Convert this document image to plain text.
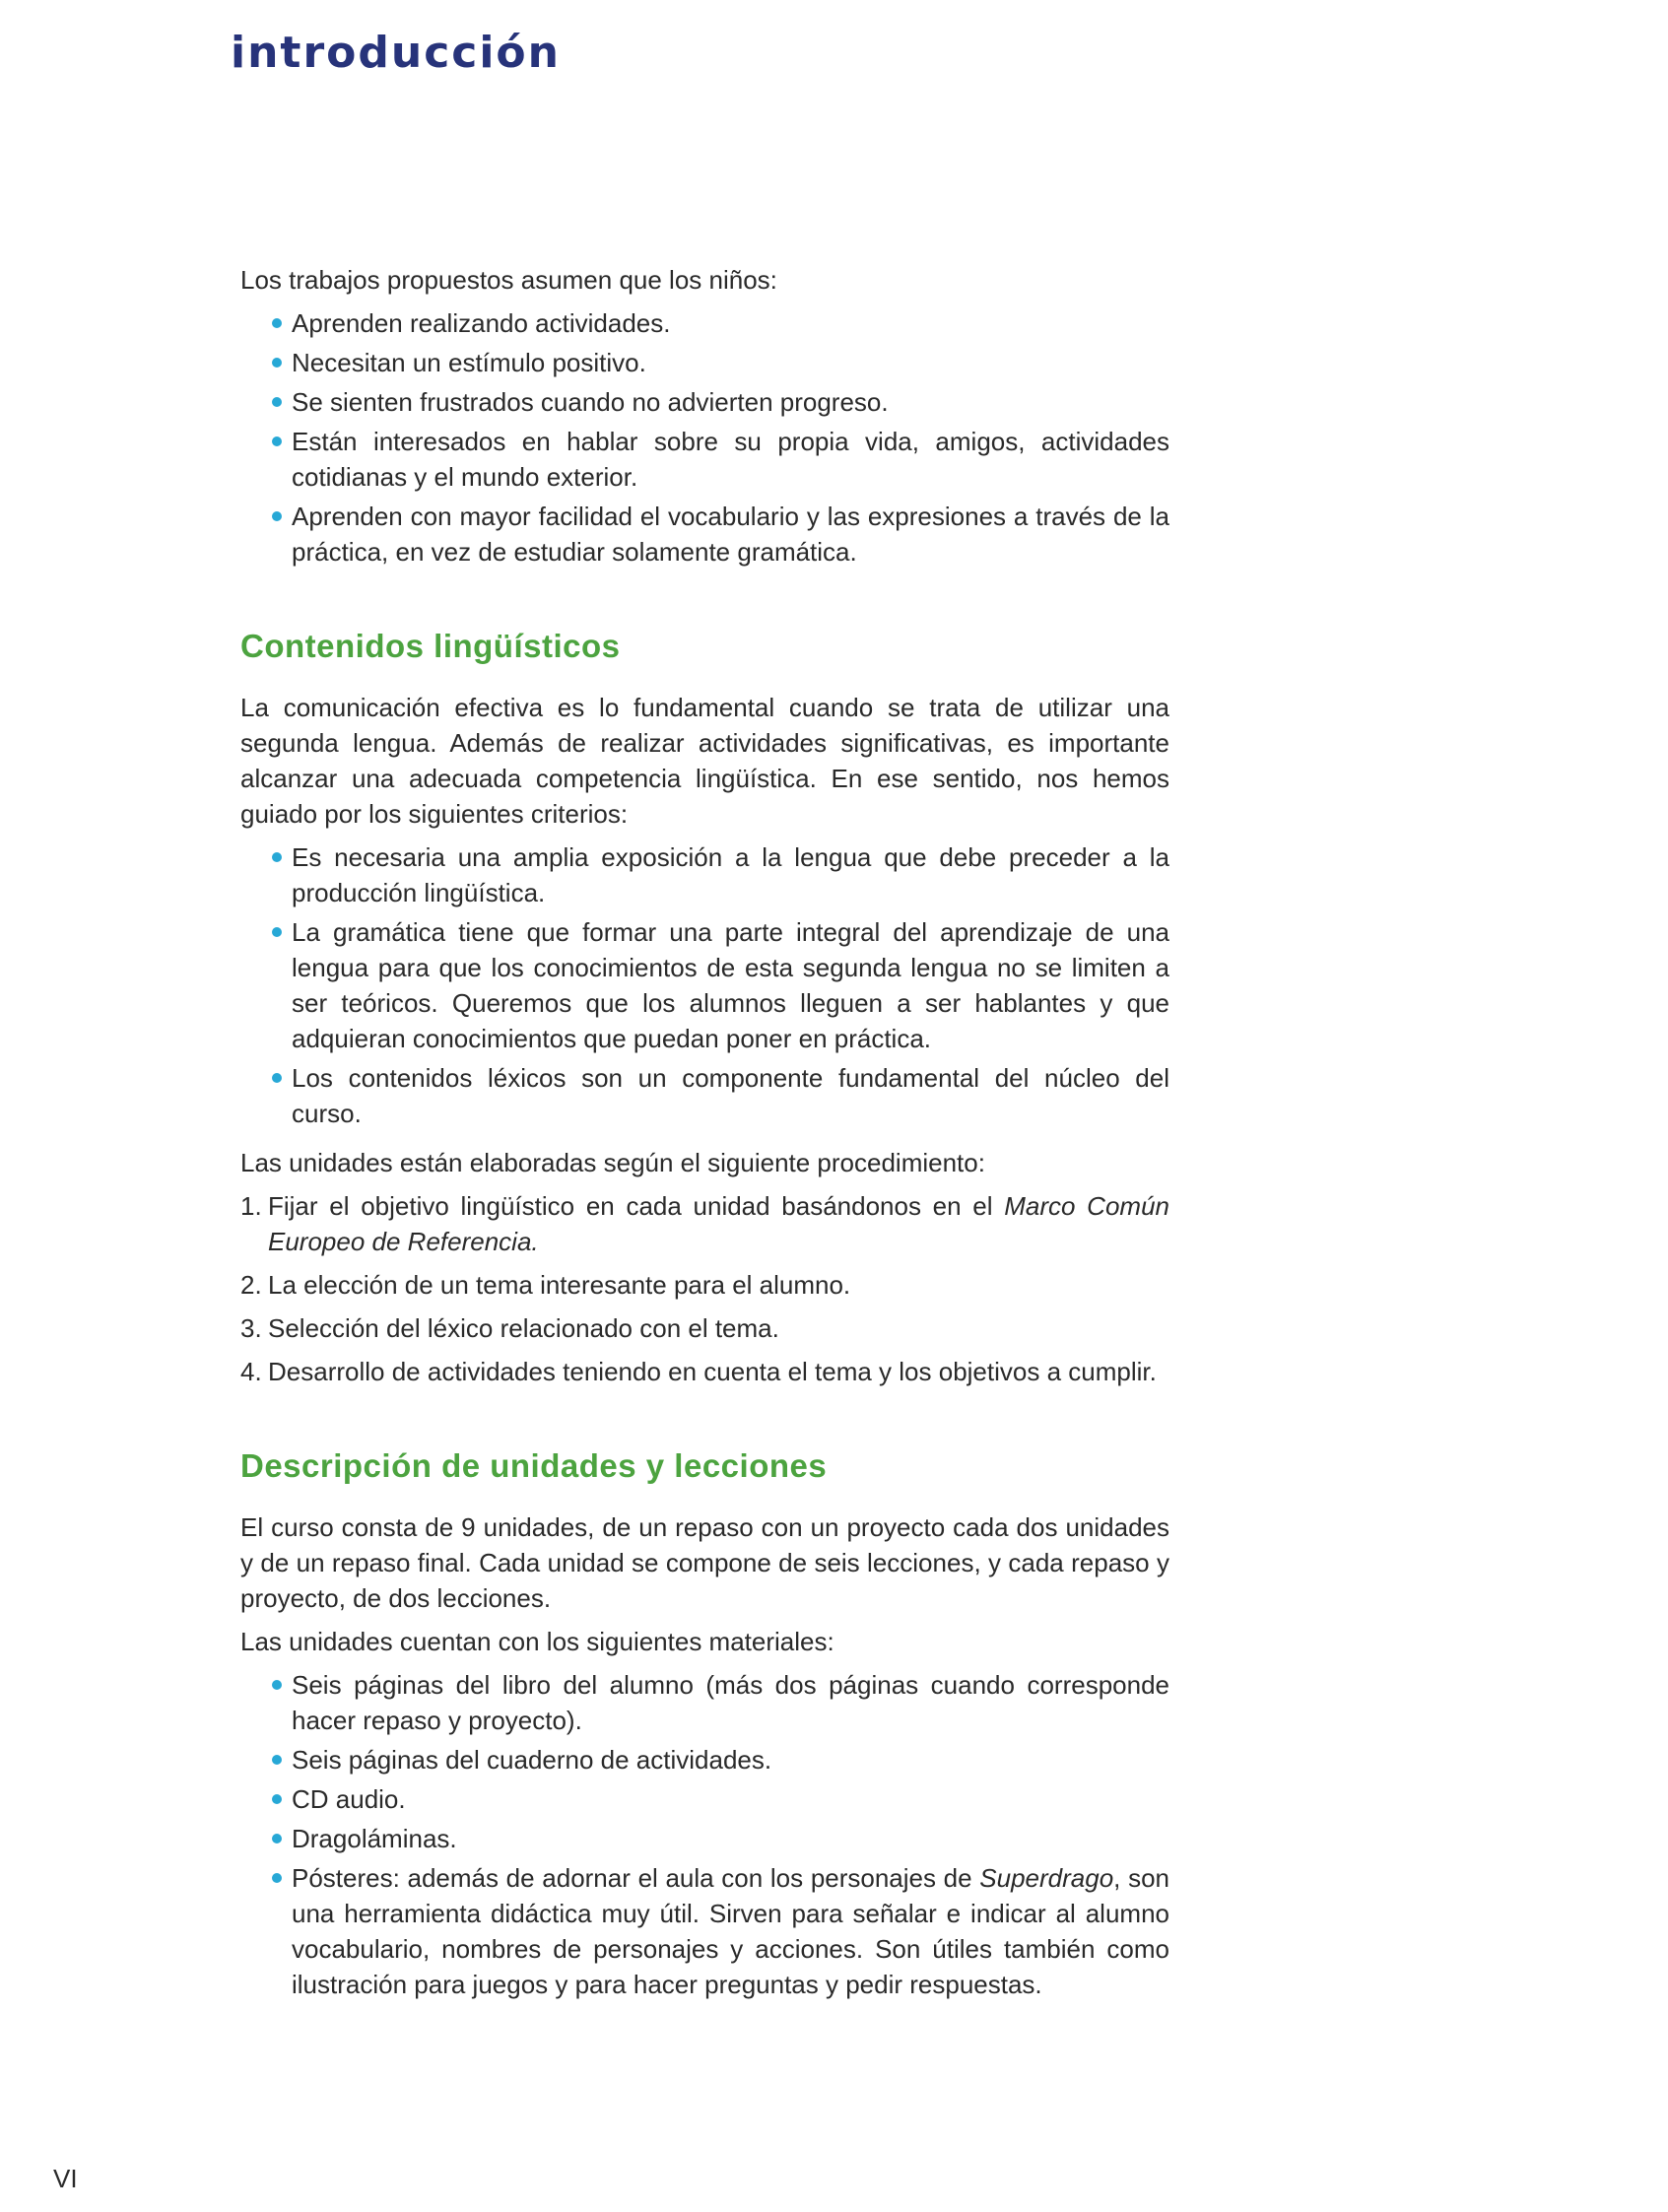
introducción

Los trabajos propuestos asumen que los niños:

Aprenden realizando actividades.
Necesitan un estímulo positivo.
Se sienten frustrados cuando no advierten progreso.
Están interesados en hablar sobre su propia vida, amigos, actividades cotidianas y el mundo exterior.
Aprenden con mayor facilidad el vocabulario y las expresiones a través de la práctica, en vez de estudiar solamente gramática.
Contenidos lingüísticos

La comunicación efectiva es lo fundamental cuando se trata de utilizar una segunda lengua. Además de realizar actividades significativas, es importante alcanzar una adecuada competencia lingüística. En ese sentido, nos hemos guiado por los siguientes criterios:

Es necesaria una amplia exposición a la lengua que debe preceder a la producción lingüística.
La gramática tiene que formar una parte integral del aprendizaje de una lengua para que los conocimientos de esta segunda lengua no se limiten a ser teóricos. Queremos que los alumnos lleguen a ser hablantes y que adquieran conocimientos que puedan poner en práctica.
Los contenidos léxicos son un componente fundamental del núcleo del curso.

Las unidades están elaboradas según el siguiente procedimiento:

1. Fijar el objetivo lingüístico en cada unidad basándonos en el Marco Común Europeo de Referencia.
2. La elección de un tema interesante para el alumno.
3. Selección del léxico relacionado con el tema.
4. Desarrollo de actividades teniendo en cuenta el tema y los objetivos a cumplir.
Descripción de unidades y lecciones

El curso consta de 9 unidades, de un repaso con un proyecto cada dos unidades y de un repaso final. Cada unidad se compone de seis lecciones, y cada repaso y proyecto, de dos lecciones.

Las unidades cuentan con los siguientes materiales:

Seis páginas del libro del alumno (más dos páginas cuando corresponde hacer repaso y proyecto).
Seis páginas del cuaderno de actividades.
CD audio.
Dragoláminas.
Pósteres: además de adornar el aula con los personajes de Superdrago, son una herramienta didáctica muy útil. Sirven para señalar e indicar al alumno vocabulario, nombres de personajes y acciones. Son útiles también como ilustración para juegos y para hacer preguntas y pedir respuestas.
VI
